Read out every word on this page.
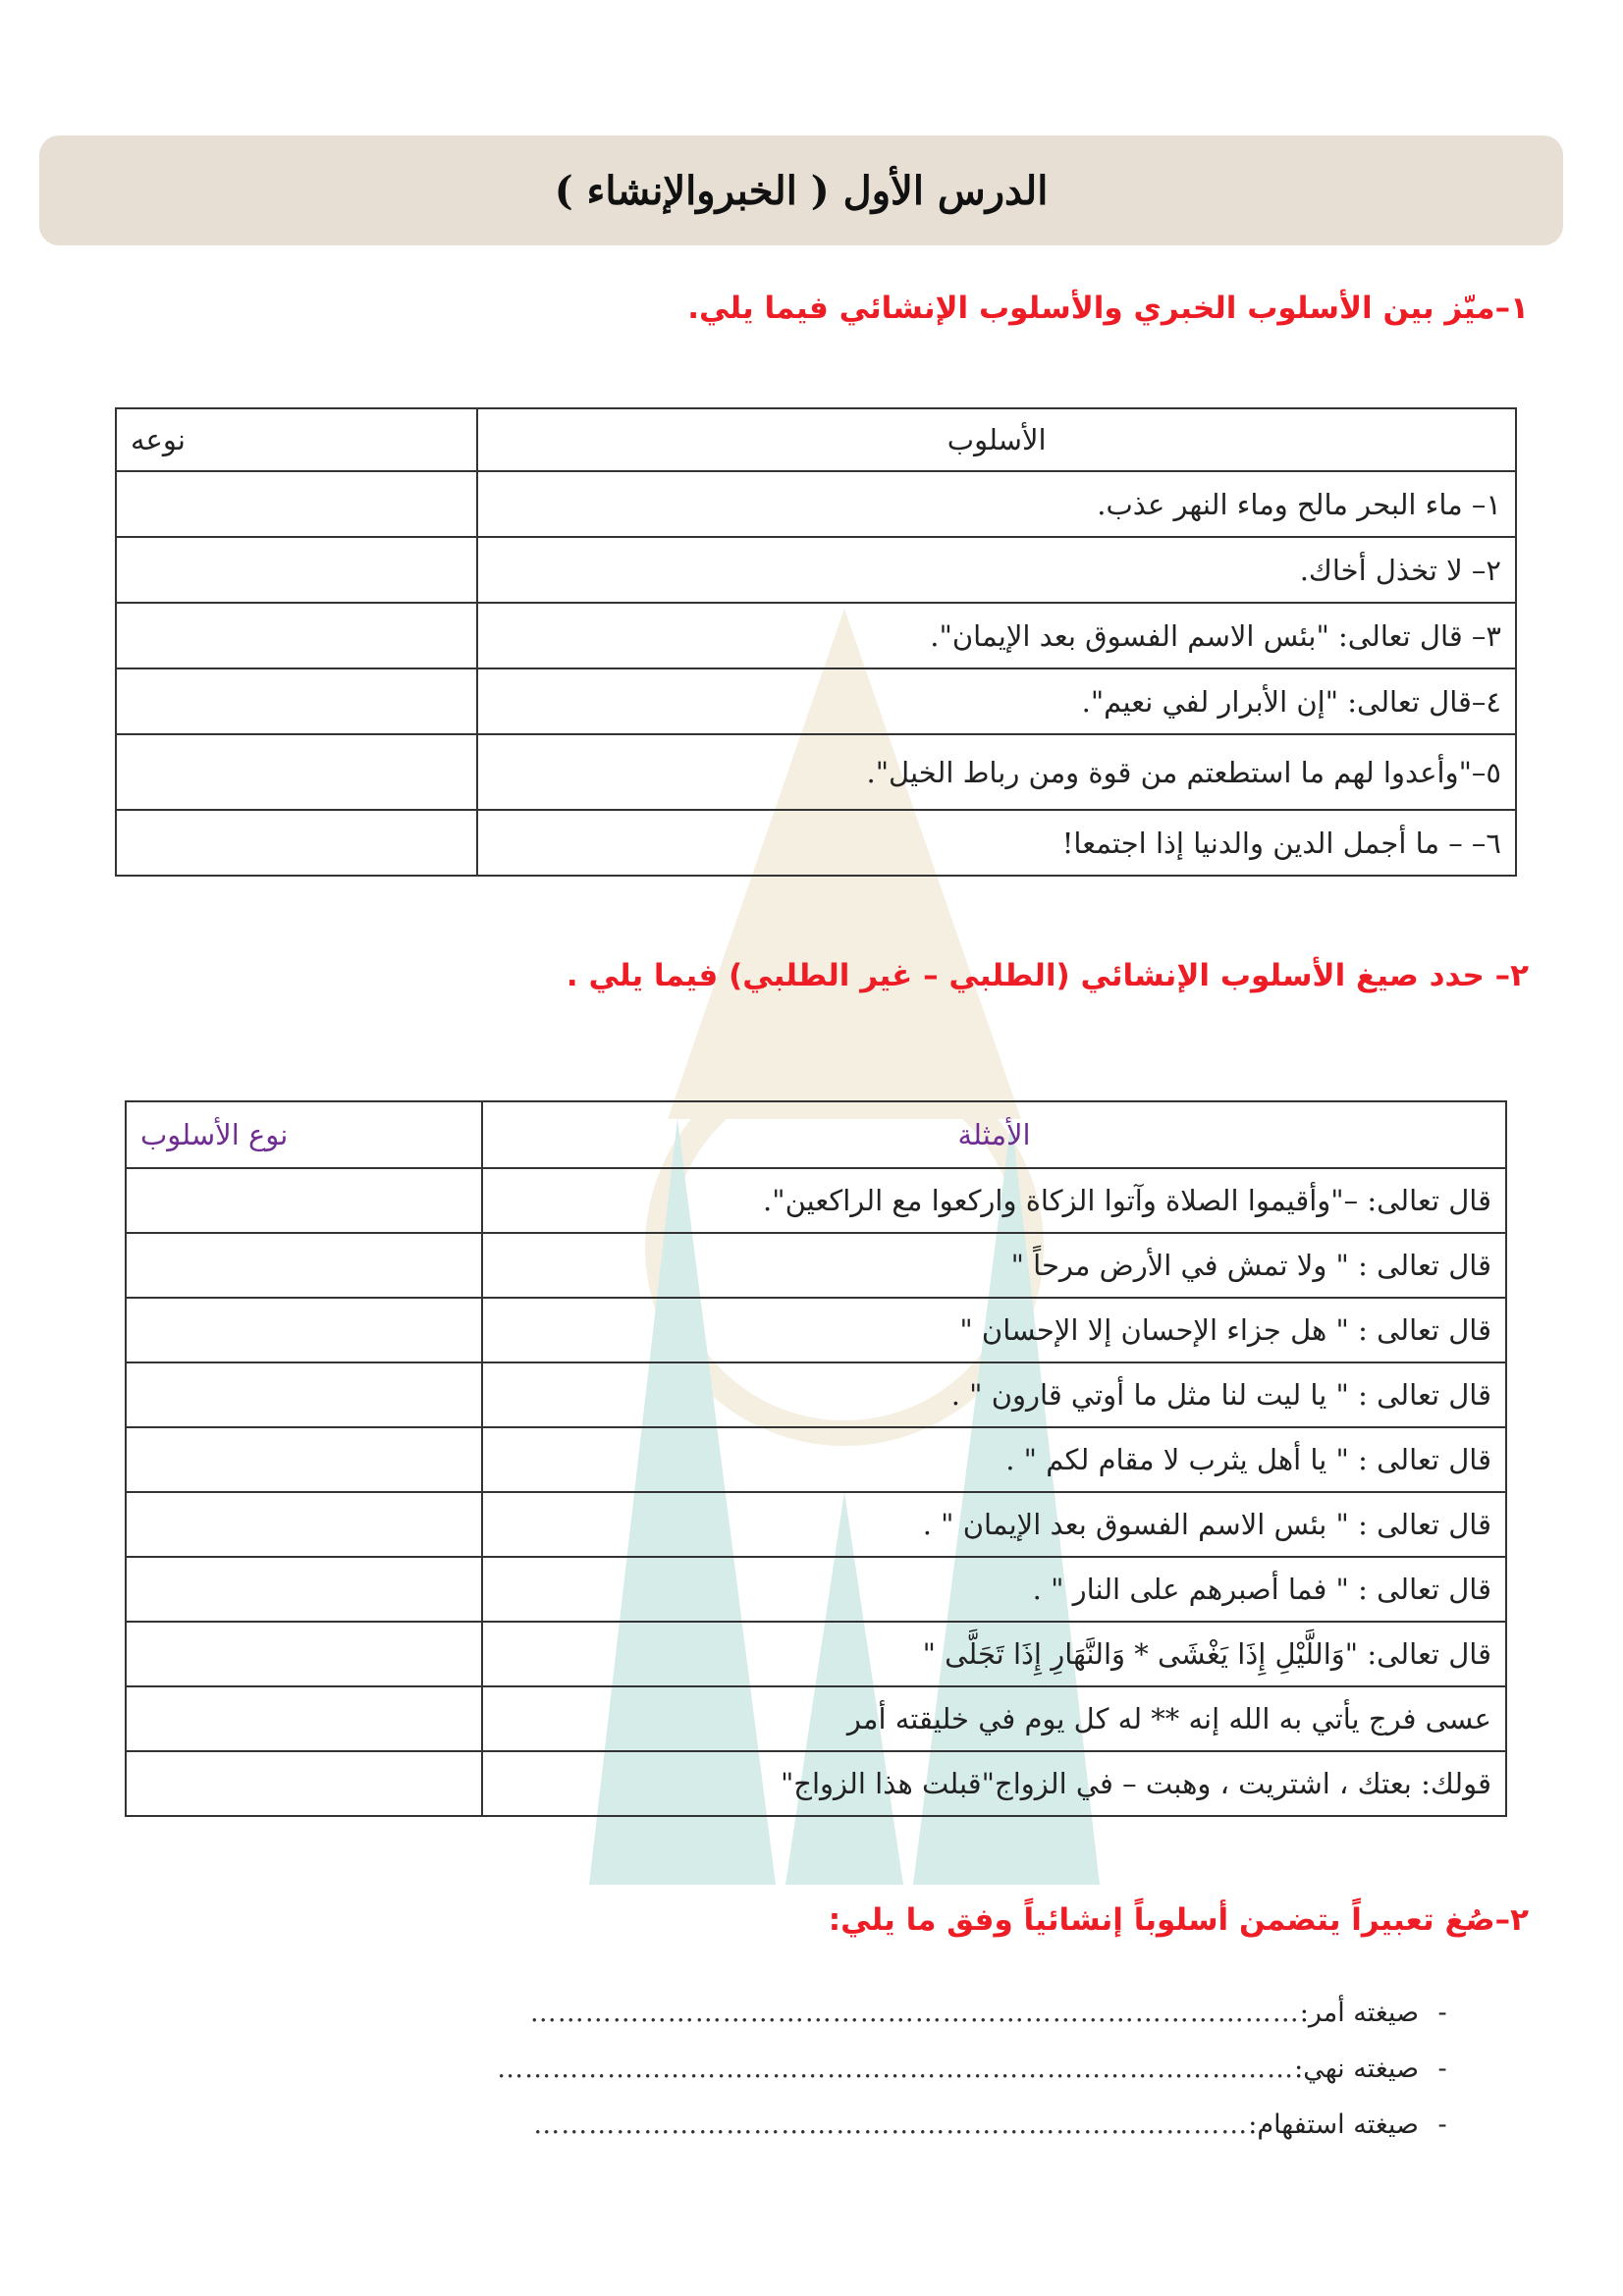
الدرس الأول ( الخبروالإنشاء )
١–ميّز بين الأسلوب الخبري والأسلوب الإنشائي فيما يلي.
الأسلوب	نوعه
١– ماء البحر مالح وماء النهر عذب.	
٢– لا تخذل أخاك.	
٣– قال تعالى: "بئس الاسم الفسوق بعد الإيمان".	
٤–قال تعالى: "إن الأبرار لفي نعيم".	
٥–"وأعدوا لهم ما استطعتم من قوة ومن رباط الخيل".	
٦– – ما أجمل الدين والدنيا إذا اجتمعا!	
٢– حدد صيغ الأسلوب الإنشائي (الطلبي – غير الطلبي) فيما يلي .
الأمثلة	نوع الأسلوب
قال تعالى: –"وأقيموا الصلاة وآتوا الزكاة واركعوا مع الراكعين".	
قال تعالى : " ولا تمش في الأرض مرحاً "	
قال تعالى : " هل جزاء الإحسان إلا الإحسان "	
قال تعالى : " يا ليت لنا مثل ما أوتي قارون " .	
قال تعالى : " يا أهل يثرب لا مقام لكم " .	
قال تعالى : " بئس الاسم الفسوق بعد الإيمان " .	
قال تعالى : " فما أصبرهم على النار " .	
قال تعالى: "وَاللَّيْلِ إِذَا يَغْشَى * وَالنَّهَارِ إِذَا تَجَلَّى "	
عسى فرج يأتي به الله إنه ** له كل يوم في خليقته أمر	
قولك: بعتك ، اشتريت ، وهبت – في الزواج"قبلت هذا الزواج"	
٢–صُغ تعبيراً يتضمن أسلوباً إنشائياً وفق ما يلي:
-
صيغته أمر:
…………………………………………………………………………
-
صيغته نهي:
……………………………………………………………………………
-
صيغته استفهام:
……………………………………………………………………
